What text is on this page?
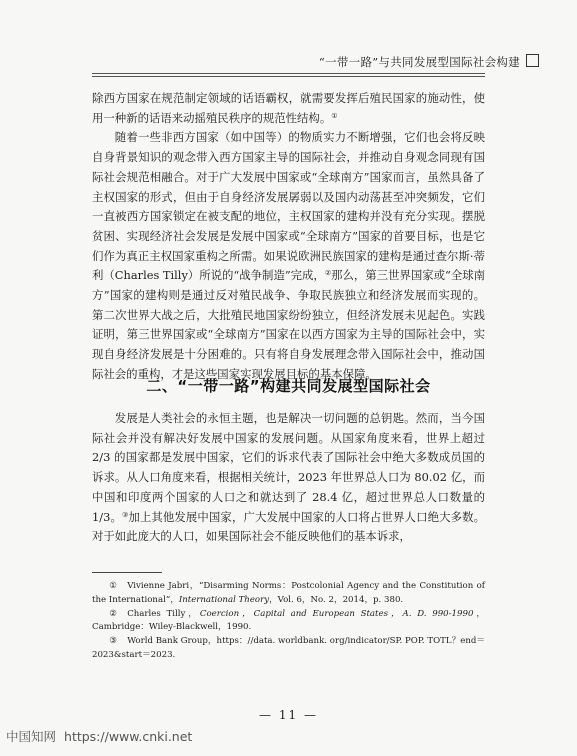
“一带一路”与共同发展型国际社会构建

除西方国家在规范制定领域的话语霸权，就需要发挥后殖民国家的施动性，使用一种新的话语来动摇殖民秩序的规范性结构。①

随着一些非西方国家（如中国等）的物质实力不断增强，它们也会将反映自身背景知识的观念带入西方国家主导的国际社会，并推动自身观念同现有国际社会规范相融合。对于广大发展中国家或“全球南方”国家而言，虽然具备了主权国家的形式，但由于自身经济发展孱弱以及国内动荡甚至冲突频发，它们一直被西方国家锁定在被支配的地位，主权国家的建构并没有充分实现。摆脱贫困、实现经济社会发展是发展中国家或“全球南方”国家的首要目标，也是它们作为真正主权国家重构之所需。如果说欧洲民族国家的建构是通过查尔斯·蒂利（Charles Tilly）所说的“战争制造”完成，②那么，第三世界国家或“全球南方”国家的建构则是通过反对殖民战争、争取民族独立和经济发展而实现的。第二次世界大战之后，大批殖民地国家纷纷独立，但经济发展未见起色。实践证明，第三世界国家或“全球南方”国家在以西方国家为主导的国际社会中，实现自身经济发展是十分困难的。只有将自身发展理念带入国际社会中，推动国际社会的重构，才是这些国家实现发展目标的基本保障。

二、“一带一路”构建共同发展型国际社会

发展是人类社会的永恒主题，也是解决一切问题的总钥匙。然而，当今国际社会并没有解决好发展中国家的发展问题。从国家角度来看，世界上超过 2/3 的国家都是发展中国家，它们的诉求代表了国际社会中绝大多数成员国的诉求。从人口角度来看，根据相关统计，2023 年世界总人口为 80.02 亿，而中国和印度两个国家的人口之和就达到了 28.4 亿，超过世界总人口数量的 1/3。③加上其他发展中国家，广大发展中国家的人口将占世界人口绝大多数。对于如此庞大的人口，如果国际社会不能反映他们的基本诉求，

① Vivienne Jabri，“Disarming Norms：Postcolonial Agency and the Constitution of the International”，International Theory，Vol. 6，No. 2，2014，p. 380.

② Charles Tilly，Coercion，Capital and European States，A. D. 990-1990，Cambridge：Wiley-Blackwell，1990.

③ World Bank Group，https：//data. worldbank. org/indicator/SP. POP. TOTL？end＝2023&start＝2023.

— 11 —
中国知网 https://www.cnki.net
